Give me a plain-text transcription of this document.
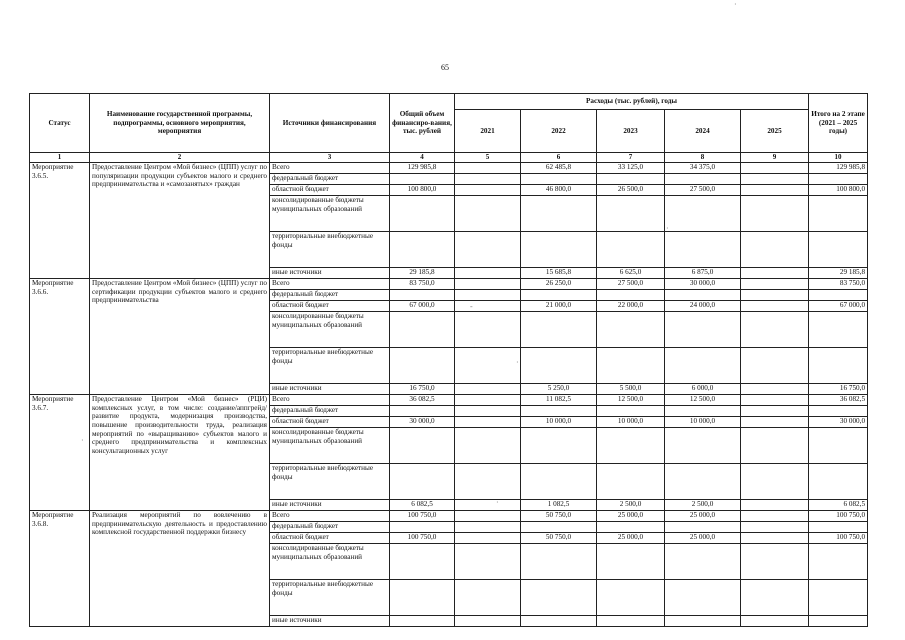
65
·
‑
·
·
·
·
Статус	Наименование государственной программы, подпрограммы, основного мероприятия, мероприятия	Источники финансирования	Общий объем финансиро-вания, тыс. рублей	Расходы (тыс. рублей), годы					Итого на 2 этапе (2021 – 2025 годы)
				2021	2022	2023	2024	2025	
1	2	3	4	5	6	7	8	9	10
Мероприятие 3.6.5.	Предоставление Центром «Мой бизнес» (ЦПП) услуг по популяризации продукции субъектов малого и среднего предпринимательства и «самозанятых» граждан	Всего	129 985,8		62 485,8	33 125,0	34 375,0		129 985,8
		федеральный бюджет							
		областной бюджет	100 800,0		46 800,0	26 500,0	27 500,0		100 800,0
		консолидированные бюджеты муниципальных образований							
		территориальные внебюджетные фонды							
		иные источники	29 185,8		15 685,8	6 625,0	6 875,0		29 185,8
Мероприятие 3.6.6.	Предоставление Центром «Мой бизнес» (ЦПП) услуг по сертификации продукции субъектов малого и среднего предпринимательства	Всего	83 750,0		26 250,0	27 500,0	30 000,0		83 750,0
		федеральный бюджет							
		областной бюджет	67 000,0		21 000,0	22 000,0	24 000,0		67 000,0
		консолидированные бюджеты муниципальных образований							
		территориальные внебюджетные фонды							
		иные источники	16 750,0		5 250,0	5 500,0	6 000,0		16 750,0
Мероприятие 3.6.7.	Предоставление Центром «Мой бизнес» (РЦИ) комплексных услуг, в том числе: создание/аппгрейд/развитие продукта, модернизация производства, повышение производительности труда, реализация мероприятий по «выращиванию» субъектов малого и среднего предпринимательства и комплексных консультационных услуг	Всего	36 082,5		11 082,5	12 500,0	12 500,0		36 082,5
		федеральный бюджет							
		областной бюджет	30 000,0		10 000,0	10 000,0	10 000,0		30 000,0
		консолидированные бюджеты муниципальных образований							
		территориальные внебюджетные фонды							
		иные источники	6 082,5		1 082,5	2 500,0	2 500,0		6 082,5
Мероприятие 3.6.8.	Реализация мероприятий по вовлечению в предпринимательскую деятельность и предоставлению комплексной государственной поддержки бизнесу	Всего	100 750,0		50 750,0	25 000,0	25 000,0		100 750,0
		федеральный бюджет							
		областной бюджет	100 750,0		50 750,0	25 000,0	25 000,0		100 750,0
		консолидированные бюджеты муниципальных образований							
		территориальные внебюджетные фонды							
		иные источники							
